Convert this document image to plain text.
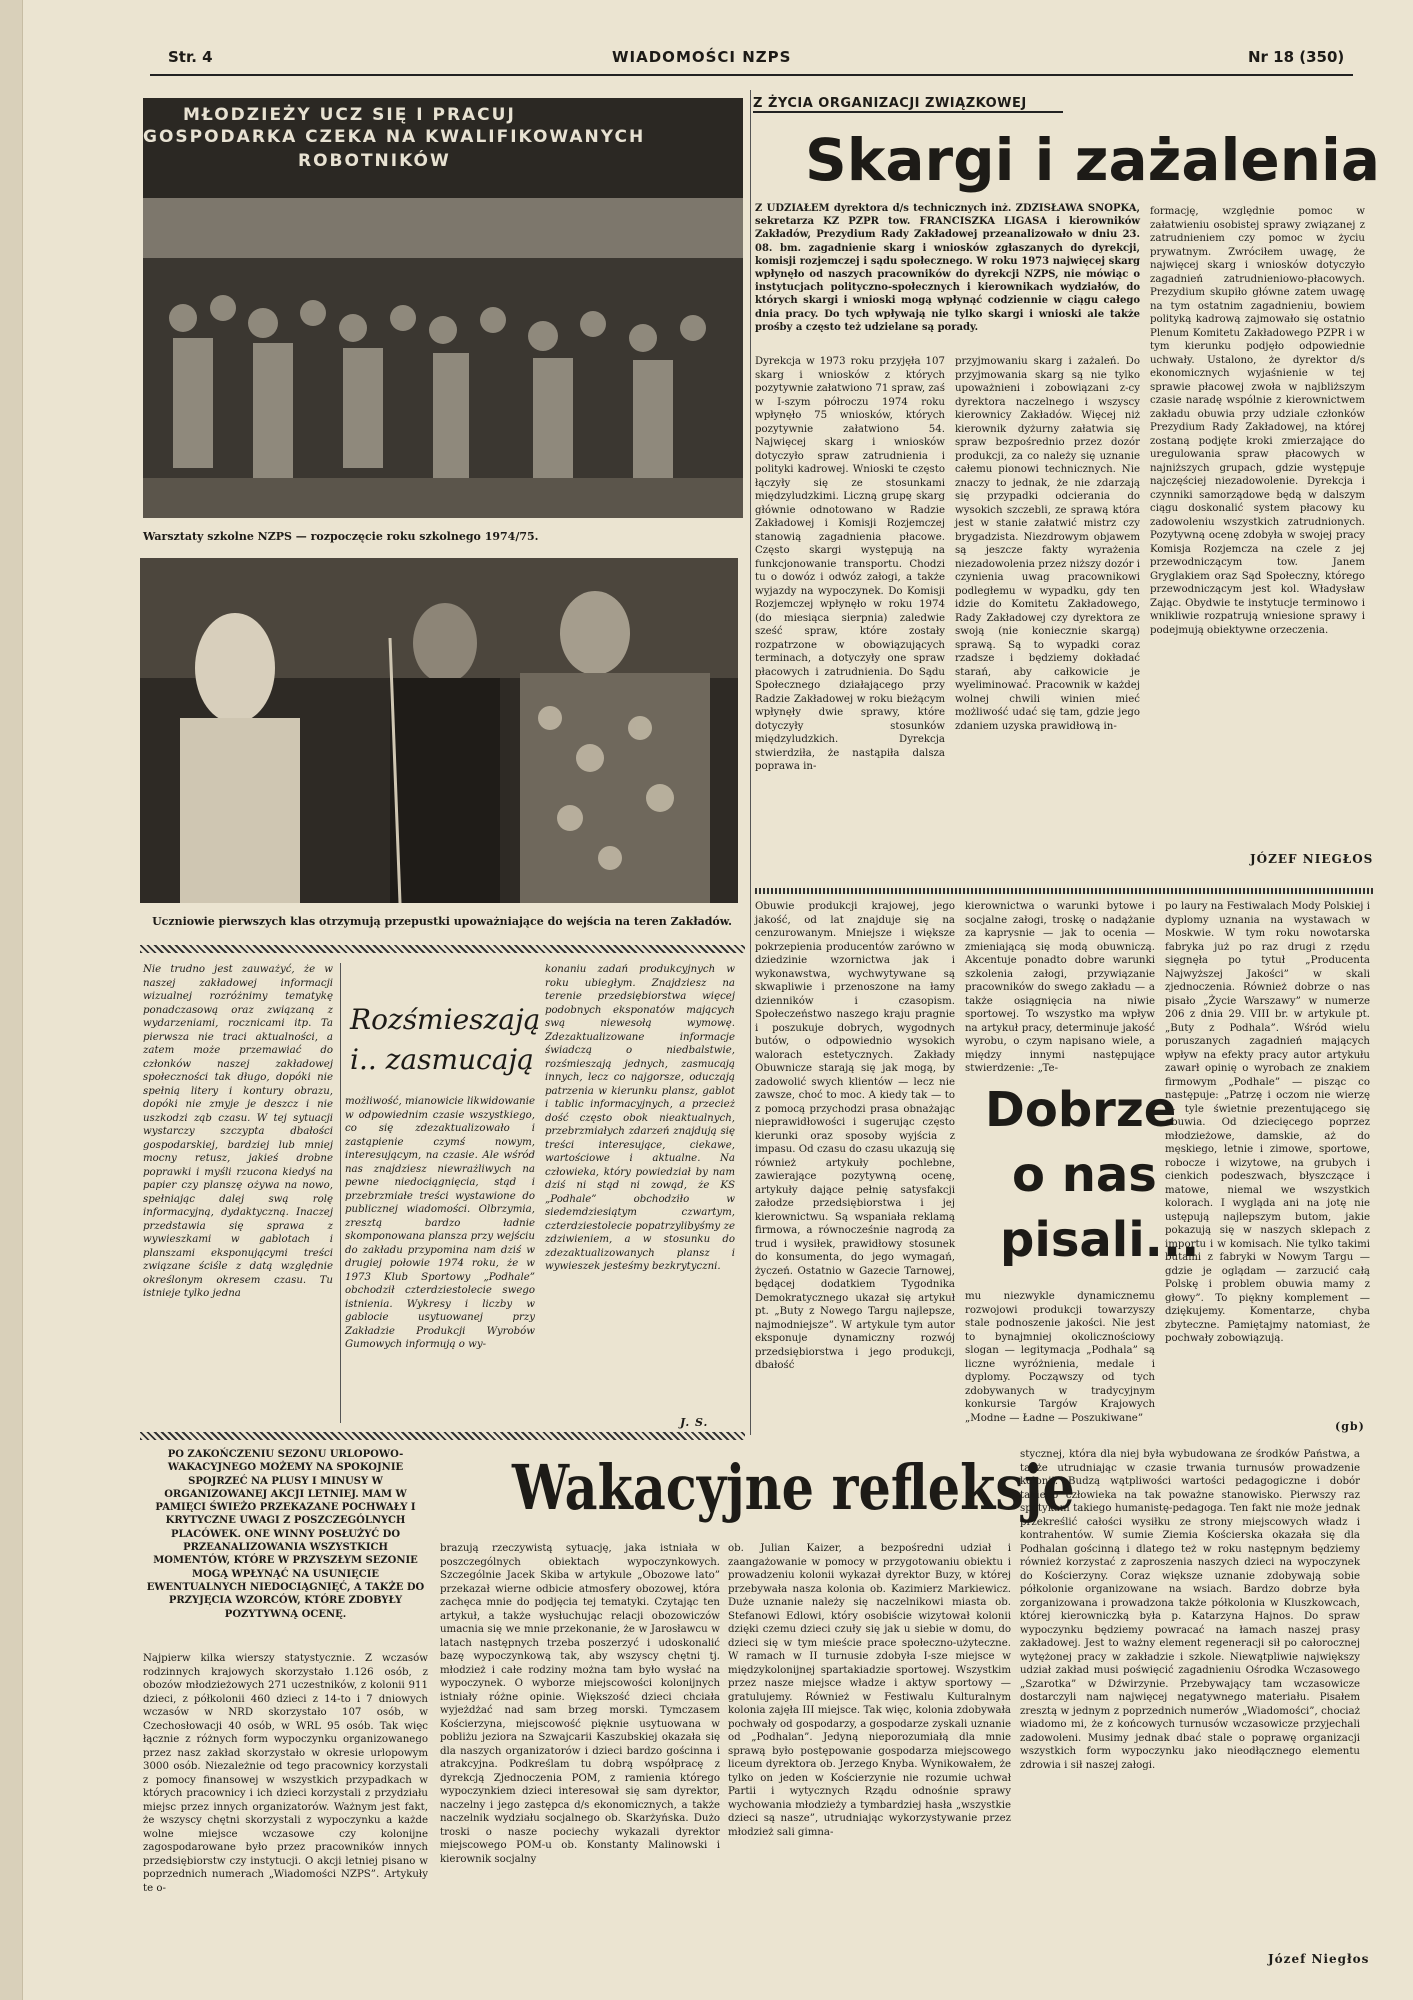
Str. 4	WIADOMOŚCI NZPS	Nr 18 (350)
MŁODZIEŻY UCZ SIĘ I PRACUJ
GOSPODARKA CZEKA NA KWALIFIKOWANYCH
ROBOTNIKÓW
Warsztaty szkolne NZPS — rozpoczęcie roku szkolnego 1974/75.
Uczniowie pierwszych klas otrzymują przepustki upoważniające do wejścia na teren Zakładów.
Z ŻYCIA ORGANIZACJI ZWIĄZKOWEJ
Skargi i zażalenia
Z UDZIAŁEM dyrektora d/s technicznych inż. ZDZISŁAWA SNOPKA, sekretarza KZ PZPR tow. FRANCISZKA LIGASA i kierowników Zakładów, Prezydium Rady Zakładowej przeanalizowało w dniu 23. 08. bm. zagadnienie skarg i wniosków zgłaszanych do dyrekcji, komisji rozjemczej i sądu społecznego. W roku 1973 najwięcej skarg wpłynęło od naszych pracowników do dyrekcji NZPS, nie mówiąc o instytucjach polityczno-społecznych i kierownikach wydziałów, do których skargi i wnioski mogą wpłynąć codziennie w ciągu całego dnia pracy. Do tych wpływają nie tylko skargi i wnioski ale także prośby a często też udzielane są porady.
Dyrekcja w 1973 roku przyjęła 107 skarg i wniosków z których pozytywnie załatwiono 71 spraw, zaś w I-szym półroczu 1974 roku wpłynęło 75 wniosków, których pozytywnie załatwiono 54. Najwięcej skarg i wniosków dotyczyło spraw zatrudnienia i polityki kadrowej. Wnioski te często łączyły się ze stosunkami międzyludzkimi. Liczną grupę skarg głównie odnotowano w Radzie Zakładowej i Komisji Rozjemczej stanowią zagadnienia płacowe. Często skargi występują na funkcjonowanie transportu. Chodzi tu o dowóz i odwóz załogi, a także wyjazdy na wypoczynek. Do Komisji Rozjemczej wpłynęło w roku 1974 (do miesiąca sierpnia) zaledwie sześć spraw, które zostały rozpatrzone w obowiązujących terminach, a dotyczyły one spraw płacowych i zatrudnienia. Do Sądu Społecznego działającego przy Radzie Zakładowej w roku bieżącym wpłynęły dwie sprawy, które dotyczyły stosunków międzyludzkich. Dyrekcja stwierdziła, że nastąpiła dalsza poprawa in-
przyjmowaniu skarg i zażaleń. Do przyjmowania skarg są nie tylko upoważnieni i zobowiązani z-cy dyrektora naczelnego i wszyscy kierownicy Zakładów. Więcej niż kierownik dyżurny załatwia się spraw bezpośrednio przez dozór produkcji, za co należy się uznanie całemu pionowi technicznych. Nie znaczy to jednak, że nie zdarzają się przypadki odcierania do wysokich szczebli, ze sprawą która jest w stanie załatwić mistrz czy brygadzista. Niezdrowym objawem są jeszcze fakty wyrażenia niezadowolenia przez niższy dozór i czynienia uwag pracownikowi podległemu w wypadku, gdy ten idzie do Komitetu Zakładowego, Rady Zakładowej czy dyrektora ze swoją (nie koniecznie skargą) sprawą. Są to wypadki coraz rzadsze i będziemy dokładać starań, aby całkowicie je wyeliminować. Pracownik w każdej wolnej chwili winien mieć możliwość udać się tam, gdzie jego zdaniem uzyska prawidłową in-
formację, względnie pomoc w załatwieniu osobistej sprawy związanej z zatrudnieniem czy pomoc w życiu prywatnym. Zwróciłem uwagę, że najwięcej skarg i wniosków dotyczyło zagadnień zatrudnieniowo-płacowych. Prezydium skupiło główne zatem uwagę na tym ostatnim zagadnieniu, bowiem polityką kadrową zajmowało się ostatnio Plenum Komitetu Zakładowego PZPR i w tym kierunku podjęło odpowiednie uchwały. Ustalono, że dyrektor d/s ekonomicznych wyjaśnienie w tej sprawie płacowej zwoła w najbliższym czasie naradę wspólnie z kierownictwem zakładu obuwia przy udziale członków Prezydium Rady Zakładowej, na której zostaną podjęte kroki zmierzające do uregulowania spraw płacowych w najniższych grupach, gdzie występuje najczęściej niezadowolenie. Dyrekcja i czynniki samorządowe będą w dalszym ciągu doskonalić system płacowy ku zadowoleniu wszystkich zatrudnionych. Pozytywną ocenę zdobyła w swojej pracy Komisja Rozjemcza na czele z jej przewodniczącym tow. Janem Gryglakiem oraz Sąd Społeczny, którego przewodniczącym jest kol. Władysław Zając. Obydwie te instytucje terminowo i wnikliwie rozpatrują wniesione sprawy i podejmują obiektywne orzeczenia.
JÓZEF NIEGŁOS
Obuwie produkcji krajowej, jego jakość, od lat znajduje się na cenzurowanym. Mniejsze i większe pokrzepienia producentów zarówno w dziedzinie wzornictwa jak i wykonawstwa, wychwytywane są skwapliwie i przenoszone na łamy dzienników i czasopism. Społeczeństwo naszego kraju pragnie i poszukuje dobrych, wygodnych butów, o odpowiednio wysokich walorach estetycznych. Zakłady Obuwnicze starają się jak mogą, by zadowolić swych klientów — lecz nie zawsze, choć to moc. A kiedy tak — to z pomocą przychodzi prasa obnażając nieprawidłowości i sugerując często kierunki oraz sposoby wyjścia z impasu. Od czasu do czasu ukazują się również artykuły pochlebne, zawierające pozytywną ocenę, artykuły dające pełnię satysfakcji załodze przedsiębiorstwa i jej kierownictwu. Są wspaniała reklamą firmowa, a równocześnie nagrodą za trud i wysiłek, prawidłowy stosunek do konsumenta, do jego wymagań, życzeń. Ostatnio w Gazecie Tarnowej, będącej dodatkiem Tygodnika Demokratycznego ukazał się artykuł pt. „Buty z Nowego Targu najlepsze, najmodniejsze”. W artykule tym autor eksponuje dynamiczny rozwój przedsiębiorstwa i jego produkcji, dbałość
kierownictwa o warunki bytowe i socjalne załogi, troskę o nadążanie za kaprysnie — jak to ocenia — zmieniającą się modą obuwniczą. Akcentuje ponadto dobre warunki szkolenia załogi, przywiązanie pracowników do swego zakładu — a także osiągnięcia na niwie sportowej. To wszystko ma wpływ na artykuł pracy, determinuje jakość wyrobu, o czym napisano wiele, a między innymi następujące stwierdzenie: „Te-
Dobrze
o nas
pisali...
mu niezwykle dynamicznemu rozwojowi produkcji towarzyszy stale podnoszenie jakości. Nie jest to bynajmniej okolicznościowy slogan — legitymacja „Podhala” są liczne wyróżnienia, medale i dyplomy. Począwszy od tych zdobywanych w tradycyjnym konkursie Targów Krajowych „Modne — Ładne — Poszukiwane”
po laury na Festiwalach Mody Polskiej i dyplomy uznania na wystawach w Moskwie. W tym roku nowotarska fabryka już po raz drugi z rzędu sięgnęła po tytuł „Producenta Najwyższej Jakości” w skali zjednoczenia. Również dobrze o nas pisało „Życie Warszawy” w numerze 206 z dnia 29. VIII br. w artykule pt. „Buty z Podhala”. Wśród wielu poruszanych zagadnień mających wpływ na efekty pracy autor artykułu zawarł opinię o wyrobach ze znakiem firmowym „Podhale” — pisząc co następuje: „Patrzę i oczom nie wierzę — tyle świetnie prezentującego się obuwia. Od dziecięcego poprzez młodzieżowe, damskie, aż do męskiego, letnie i zimowe, sportowe, robocze i wizytowe, na grubych i cienkich podeszwach, błyszczące i matowe, niemal we wszystkich kolorach. I wygląda ani na jotę nie ustępują najlepszym butom, jakie pokazują się w naszych sklepach z importu i w komisach. Nie tylko takimi butami z fabryki w Nowym Targu — gdzie je oglądam — zarzucić całą Polskę i problem obuwia mamy z głowy”. To piękny komplement — dziękujemy. Komentarze, chyba zbyteczne. Pamiętajmy natomiast, że pochwały zobowiązują.
(gb)
Nie trudno jest zauważyć, że w naszej zakładowej informacji wizualnej rozróżnimy tematykę ponadczasową oraz związaną z wydarzeniami, rocznicami itp. Ta pierwsza nie traci aktualności, a zatem może przemawiać do członków naszej zakładowej społeczności tak długo, dopóki nie spełnią litery i kontury obrazu, dopóki nie zmyje je deszcz i nie uszkodzi ząb czasu. W tej sytuacji wystarczy szczypta dbałości gospodarskiej, bardziej lub mniej mocny retusz, jakieś drobne poprawki i myśli rzucona kiedyś na papier czy planszę ożywa na nowo, spełniając dalej swą rolę informacyjną, dydaktyczną. Inaczej przedstawia się sprawa z wywieszkami w gablotach i planszami eksponującymi treści związane ściśle z datą względnie określonym okresem czasu. Tu istnieje tylko jedna
Rozśmieszają i.. zasmucają
możliwość, mianowicie likwidowanie w odpowiednim czasie wszystkiego, co się zdezaktualizowało i zastąpienie czymś nowym, interesującym, na czasie. Ale wśród nas znajdziesz niewrażliwych na pewne niedociągnięcia, stąd i przebrzmiałe treści wystawione do publicznej wiadomości. Olbrzymia, zresztą bardzo ładnie skomponowana plansza przy wejściu do zakładu przypomina nam dziś w drugiej połowie 1974 roku, że w 1973 Klub Sportowy „Podhale” obchodził czterdziestolecie swego istnienia. Wykresy i liczby w gablocie usytuowanej przy Zakładzie Produkcji Wyrobów Gumowych informują o wy-
konaniu zadań produkcyjnych w roku ubiegłym. Znajdziesz na terenie przedsiębiorstwa więcej podobnych eksponatów mających swą niewesołą wymowę. Zdezaktualizowane informacje świadczą o niedbalstwie, rozśmieszają jednych, zasmucają innych, lecz co najgorsze, oduczają patrzenia w kierunku plansz, gablot i tablic informacyjnych, a przecież dość często obok nieaktualnych, przebrzmiałych zdarzeń znajdują się treści interesujące, ciekawe, wartościowe i aktualne. Na człowieka, który powiedział by nam dziś ni stąd ni zowąd, że KS „Podhale” obchodziło w siedemdziesiątym czwartym, czterdziestolecie popatrzylibyśmy ze zdziwieniem, a w stosunku do zdezaktualizowanych plansz i wywieszek jesteśmy bezkrytyczni.
J. S.
PO ZAKOŃCZENIU SEZONU URLOPOWO-WAKACYJNEGO MOŻEMY NA SPOKOJNIE SPOJRZEĆ NA PLUSY I MINUSY W ORGANIZOWANEJ AKCJI LETNIEJ. MAM W PAMIĘCI ŚWIEŻO PRZEKAZANE POCHWAŁY I KRYTYCZNE UWAGI Z POSZCZEGÓLNYCH PLACÓWEK. ONE WINNY POSŁUŻYĆ DO PRZEANALIZOWANIA WSZYSTKICH MOMENTÓW, KTÓRE W PRZYSZŁYM SEZONIE MOGĄ WPŁYNĄĆ NA USUNIĘCIE EWENTUALNYCH NIEDOCIĄGNIĘĆ, A TAKŻE DO PRZYJĘCIA WZORCÓW, KTÓRE ZDOBYŁY POZYTYWNĄ OCENĘ.
Wakacyjne refleksje
Najpierw kilka wierszy statystycznie. Z wczasów rodzinnych krajowych skorzystało 1.126 osób, z obozów młodzieżowych 271 uczestników, z kolonii 911 dzieci, z półkolonii 460 dzieci z 14-to i 7 dniowych wczasów w NRD skorzystało 107 osób, w Czechosłowacji 40 osób, w WRL 95 osób. Tak więc łącznie z różnych form wypoczynku organizowanego przez nasz zakład skorzystało w okresie urlopowym 3000 osób. Niezależnie od tego pracownicy korzystali z pomocy finansowej w wszystkich przypadkach w których pracownicy i ich dzieci korzystali z przydziału miejsc przez innych organizatorów. Ważnym jest fakt, że wszyscy chętni skorzystali z wypoczynku a każde wolne miejsce wczasowe czy kolonijne zagospodarowane było przez pracowników innych przedsiębiorstw czy instytucji. O akcji letniej pisano w poprzednich numerach „Wiadomości NZPS”. Artykuły te o-
brazują rzeczywistą sytuację, jaka istniała w poszczególnych obiektach wypoczynkowych. Szczególnie Jacek Skiba w artykule „Obozowe lato” przekazał wierne odbicie atmosfery obozowej, która zachęca mnie do podjęcia tej tematyki. Czytając ten artykuł, a także wysłuchując relacji obozowiczów umacnia się we mnie przekonanie, że w Jarosławcu w latach następnych trzeba poszerzyć i udoskonalić bazę wypoczynkową tak, aby wszyscy chętni tj. młodzież i całe rodziny można tam było wysłać na wypoczynek. O wyborze miejscowości kolonijnych istniały różne opinie. Większość dzieci chciała wyjeżdżać nad sam brzeg morski. Tymczasem Kościerzyna, miejscowość pięknie usytuowana w pobliżu jeziora na Szwajcarii Kaszubskiej okazała się dla naszych organizatorów i dzieci bardzo gościnna i atrakcyjna. Podkreślam tu dobrą współpracę z dyrekcją Zjednoczenia POM, z ramienia którego wypoczynkiem dzieci interesował się sam dyrektor, naczelny i jego zastępca d/s ekonomicznych, a także naczelnik wydziału socjalnego ob. Skarżyńska. Dużo troski o nasze pociechy wykazali dyrektor miejscowego POM-u ob. Konstanty Malinowski i kierownik socjalny
ob. Julian Kaizer, a bezpośredni udział i zaangażowanie w pomocy w przygotowaniu obiektu i prowadzeniu kolonii wykazał dyrektor Buzy, w której przebywała nasza kolonia ob. Kazimierz Markiewicz. Duże uznanie należy się naczelnikowi miasta ob. Stefanowi Edlowi, który osobiście wizytował kolonii dzięki czemu dzieci czuły się jak u siebie w domu, do dzieci się w tym mieście prace społeczno-użyteczne. W ramach w II turnusie zdobyła I-sze miejsce w międzykolonijnej spartakiadzie sportowej. Wszystkim przez nasze miejsce władze i aktyw sportowy — gratulujemy. Również w Festiwalu Kulturalnym kolonia zajęła III miejsce. Tak więc, kolonia zdobywała pochwały od gospodarzy, a gospodarze zyskali uznanie od „Podhalan”. Jedyną nieporozumiałą dla mnie sprawą było postępowanie gospodarza miejscowego liceum dyrektora ob. Jerzego Knyba. Wynikowałem, że tylko on jeden w Kościerzynie nie rozumie uchwał Partii i wytycznych Rządu odnośnie sprawy wychowania młodzieży a tymbardziej hasła „wszystkie dzieci są nasze”, utrudniając wykorzystywanie przez młodzież sali gimna-
stycznej, która dla niej była wybudowana ze środków Państwa, a także utrudniając w czasie trwania turnusów prowadzenie kolonii. Budzą wątpliwości wartości pedagogiczne i dobór takiego człowieka na tak poważne stanowisko. Pierwszy raz spotykam takiego humanistę-pedagoga. Ten fakt nie może jednak przekreślić całości wysiłku ze strony miejscowych władz i kontrahentów. W sumie Ziemia Kościerska okazała się dla Podhalan gościnną i dlatego też w roku następnym będziemy również korzystać z zaproszenia naszych dzieci na wypoczynek do Kościerzyny. Coraz większe uznanie zdobywają sobie półkolonie organizowane na wsiach. Bardzo dobrze była zorganizowana i prowadzona także półkolonia w Kluszkowcach, której kierowniczką była p. Katarzyna Hajnos. Do spraw wypoczynku będziemy powracać na łamach naszej prasy zakładowej. Jest to ważny element regeneracji sił po całorocznej wytężonej pracy w zakładzie i szkole. Niewątpliwie największy udział zakład musi poświęcić zagadnieniu Ośrodka Wczasowego „Szarotka” w Dźwirzynie. Przebywający tam wczasowicze dostarczyli nam najwięcej negatywnego materiału. Pisałem zresztą w jednym z poprzednich numerów „Wiadomości”, chociaż wiadomo mi, że z końcowych turnusów wczasowicze przyjechali zadowoleni. Musimy jednak dbać stale o poprawę organizacji wszystkich form wypoczynku jako nieodłącznego elementu zdrowia i sił naszej załogi.
Józef Niegłos
